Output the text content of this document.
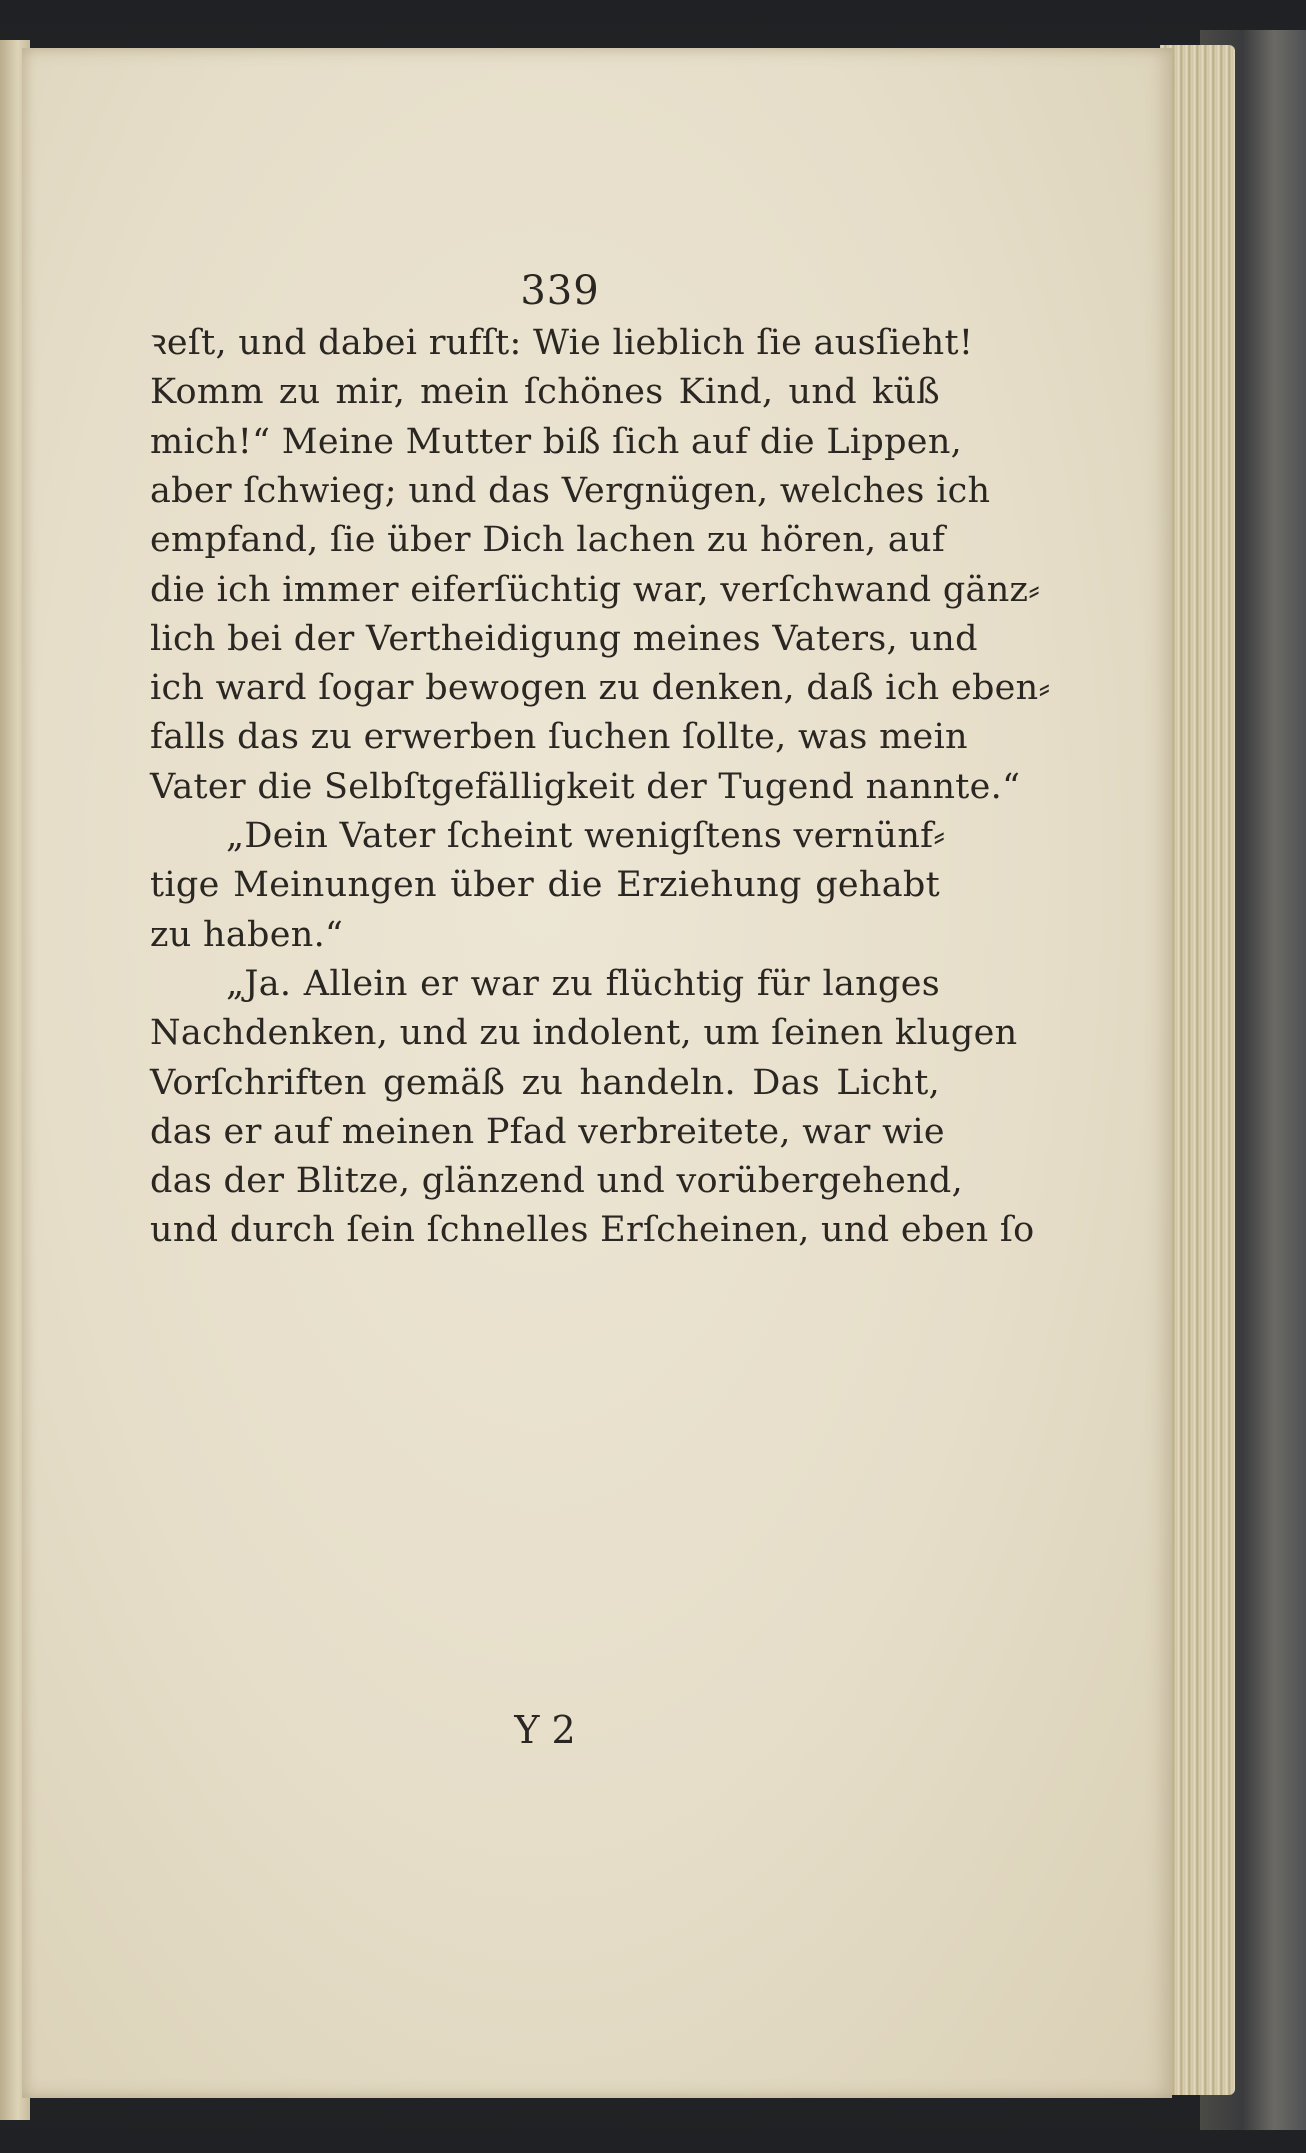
339
ꝛeſt, und dabei rufſt: Wie lieblich ſie ausſieht!
Komm zu mir, mein ſchönes Kind, und küß
mich!“ Meine Mutter biß ſich auf die Lippen,
aber ſchwieg; und das Vergnügen, welches ich
empfand, ſie über Dich lachen zu hören, auf
die ich immer eiferſüchtig war, verſchwand gänz⸗
lich bei der Vertheidigung meines Vaters, und
ich ward ſogar bewogen zu denken, daß ich eben⸗
falls das zu erwerben ſuchen ſollte, was mein
Vater die Selbſtgefälligkeit der Tugend nannte.“
„Dein Vater ſcheint wenigſtens vernünf⸗
tige Meinungen über die Erziehung gehabt
zu haben.“
„Ja. Allein er war zu flüchtig für langes
Nachdenken, und zu indolent, um ſeinen klugen
Vorſchriften gemäß zu handeln. Das Licht,
das er auf meinen Pfad verbreitete, war wie
das der Blitze, glänzend und vorübergehend,
und durch ſein ſchnelles Erſcheinen, und eben ſo
Y 2
